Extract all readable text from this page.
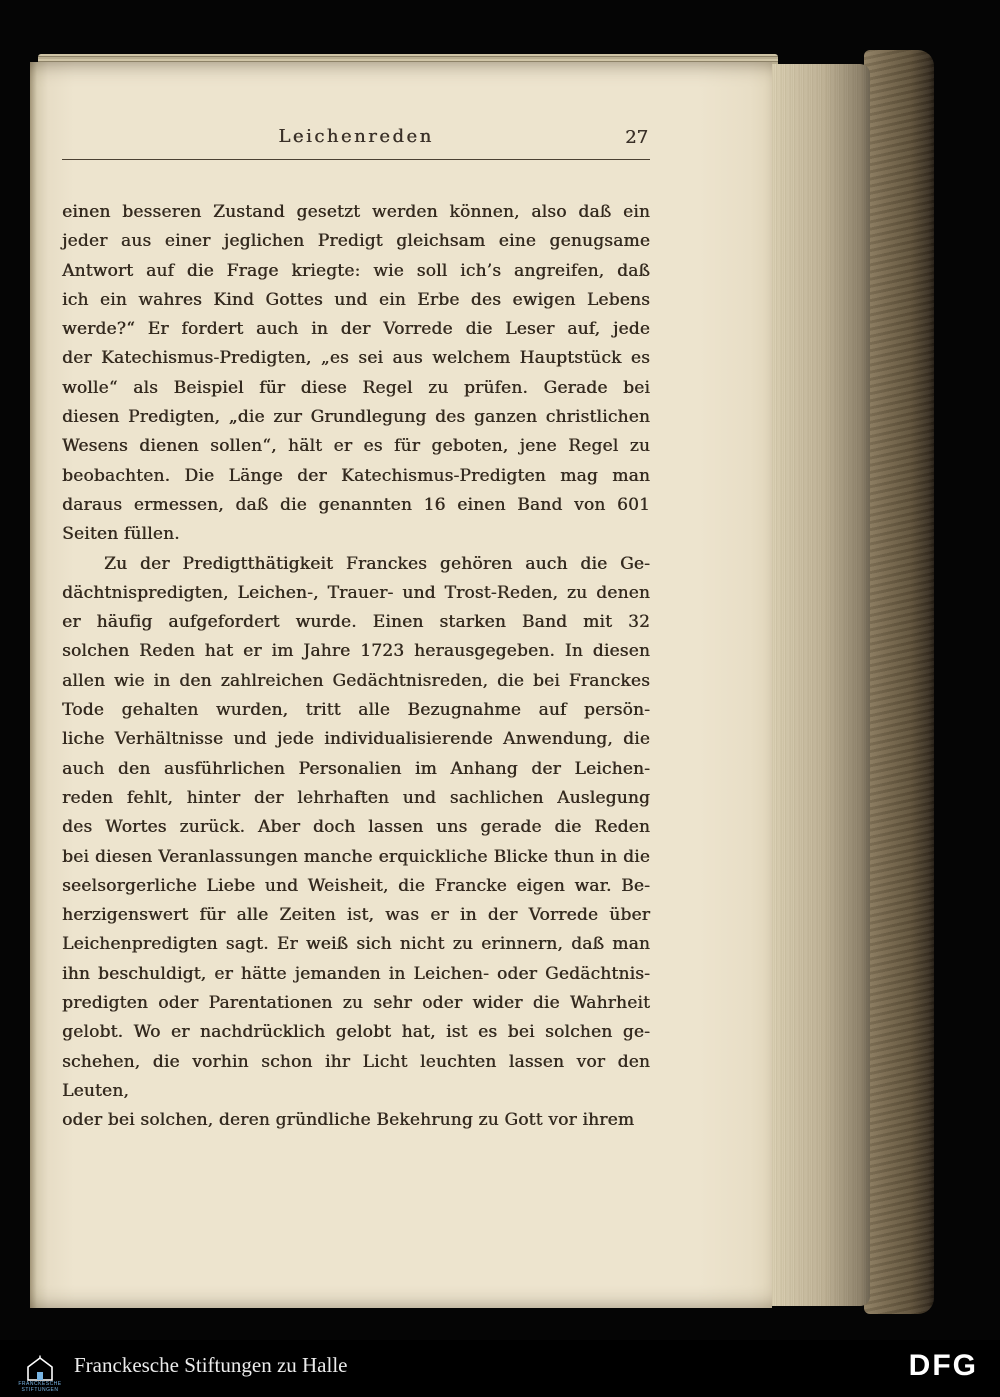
Leichenreden	27
einen besseren Zustand gesetzt werden können, also daß ein
jeder aus einer jeglichen Predigt gleichsam eine genugsame
Antwort auf die Frage kriegte: wie soll ich’s angreifen, daß
ich ein wahres Kind Gottes und ein Erbe des ewigen Lebens
werde?“ Er fordert auch in der Vorrede die Leser auf, jede
der Katechismus-Predigten, „es sei aus welchem Hauptstück es
wolle“ als Beispiel für diese Regel zu prüfen. Gerade bei
diesen Predigten, „die zur Grundlegung des ganzen christlichen
Wesens dienen sollen“, hält er es für geboten, jene Regel zu
beobachten. Die Länge der Katechismus-Predigten mag man
daraus ermessen, daß die genannten 16 einen Band von 601
Seiten füllen.
Zu der Predigtthätigkeit Franckes gehören auch die Ge-
dächtnispredigten, Leichen-, Trauer- und Trost-Reden, zu denen
er häufig aufgefordert wurde. Einen starken Band mit 32
solchen Reden hat er im Jahre 1723 herausgegeben. In diesen
allen wie in den zahlreichen Gedächtnisreden, die bei Franckes
Tode gehalten wurden, tritt alle Bezugnahme auf persön-
liche Verhältnisse und jede individualisierende Anwendung, die
auch den ausführlichen Personalien im Anhang der Leichen-
reden fehlt, hinter der lehrhaften und sachlichen Auslegung
des Wortes zurück. Aber doch lassen uns gerade die Reden
bei diesen Veranlassungen manche erquickliche Blicke thun in die
seelsorgerliche Liebe und Weisheit, die Francke eigen war. Be-
herzigenswert für alle Zeiten ist, was er in der Vorrede über
Leichenpredigten sagt. Er weiß sich nicht zu erinnern, daß man
ihn beschuldigt, er hätte jemanden in Leichen- oder Gedächtnis-
predigten oder Parentationen zu sehr oder wider die Wahrheit
gelobt. Wo er nachdrücklich gelobt hat, ist es bei solchen ge-
schehen, die vorhin schon ihr Licht leuchten lassen vor den Leuten,
oder bei solchen, deren gründliche Bekehrung zu Gott vor ihrem
FRANCKESCHE
STIFTUNGEN
Franckesche Stiftungen zu Halle	DFG
